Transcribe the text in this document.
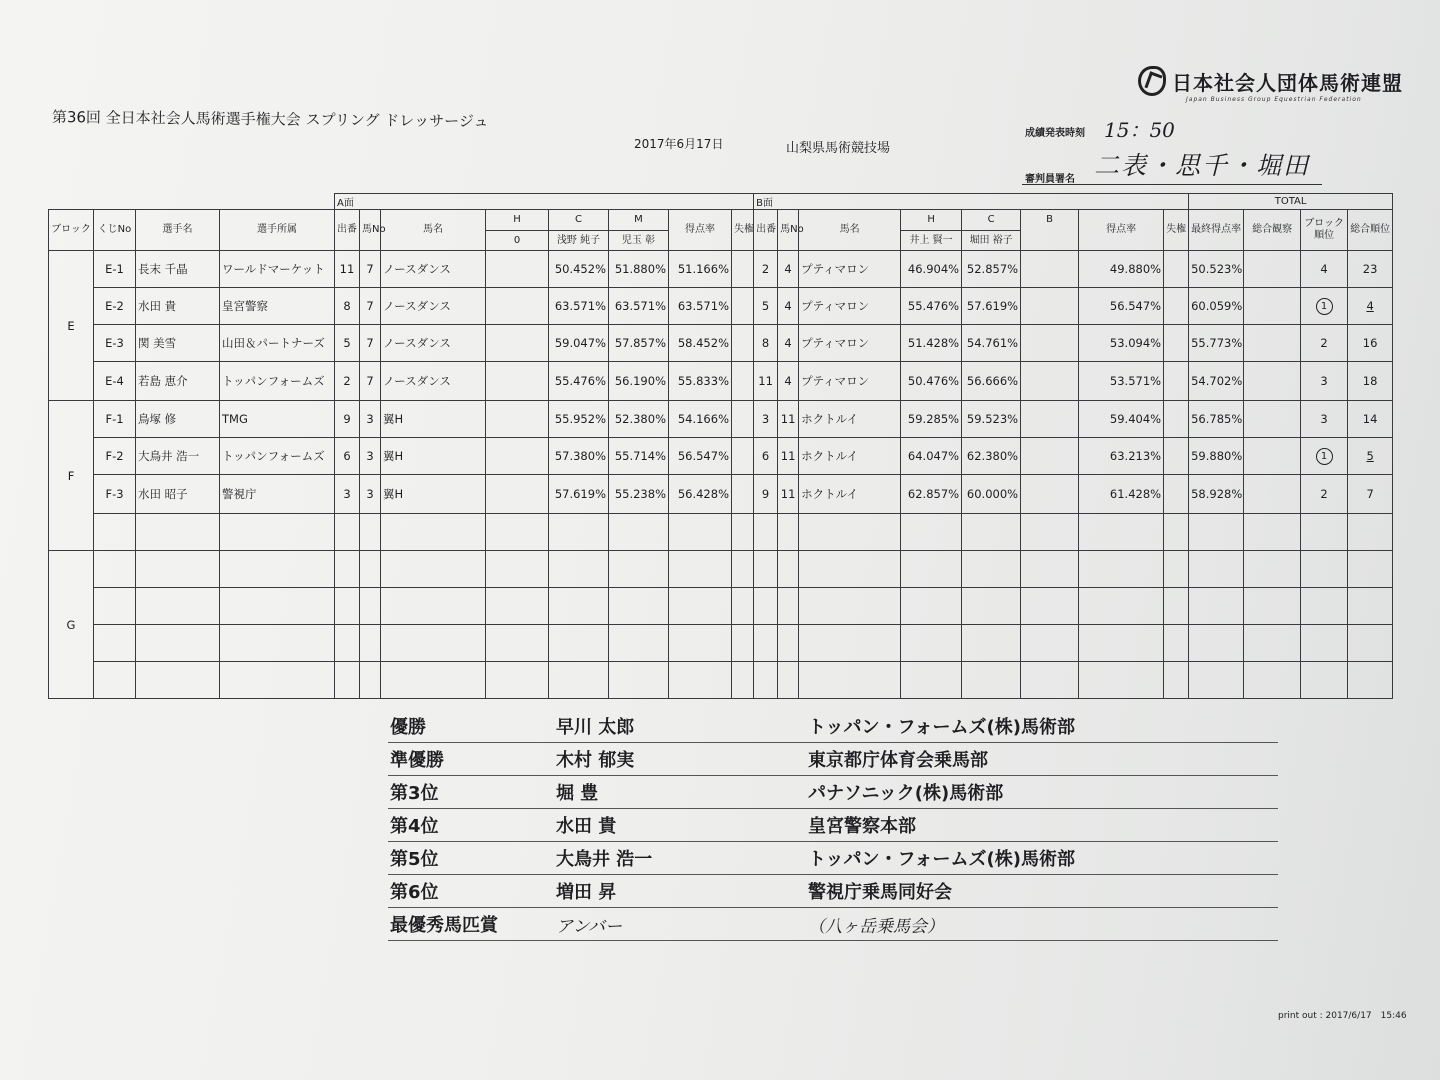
日本社会人団体馬術連盟
Japan Business Group Equestrian Federation
第36回 全日本社会人馬術選手権大会 スプリング ドレッサージュ
2017年6月17日	山梨県馬術競技場
成績発表時刻 15：50
審判員署名 二表・思千・堀田
				A面								B面								TOTAL			
ブロック	くじNo	選手名	選手所属	出番	馬No	馬名	H	C	M	得点率	失権	出番	馬No	馬名	H	C	B	得点率	失権	最終得点率	総合観察	ブロック順位	総合順位
							0	浅野 純子	児玉 彰						井上 賢一	堀田 裕子							
E	E-1	長末 千晶	ワールドマーケット	11	7	ノースダンス		50.452%	51.880%	51.166%		2	4	プティマロン	46.904%	52.857%		49.880%		50.523%		4	23
	E-2	水田 貴	皇宮警察	8	7	ノースダンス		63.571%	63.571%	63.571%		5	4	プティマロン	55.476%	57.619%		56.547%		60.059%		1	4
	E-3	関 美雪	山田＆パートナーズ	5	7	ノースダンス		59.047%	57.857%	58.452%		8	4	プティマロン	51.428%	54.761%		53.094%		55.773%		2	16
	E-4	若島 恵介	トッパンフォームズ	2	7	ノースダンス		55.476%	56.190%	55.833%		11	4	プティマロン	50.476%	56.666%		53.571%		54.702%		3	18
F	F-1	鳥塚 修	TMG	9	3	翼H		55.952%	52.380%	54.166%		3	11	ホクトルイ	59.285%	59.523%		59.404%		56.785%		3	14
	F-2	大鳥井 浩一	トッパンフォームズ	6	3	翼H		57.380%	55.714%	56.547%		6	11	ホクトルイ	64.047%	62.380%		63.213%		59.880%		1	5
	F-3	水田 昭子	警視庁	3	3	翼H		57.619%	55.238%	56.428%		9	11	ホクトルイ	62.857%	60.000%		61.428%		58.928%		2	7

G																							

優勝	早川 太郎	トッパン・フォームズ(株)馬術部
準優勝	木村 郁実	東京都庁体育会乗馬部
第3位	堀 豊	パナソニック(株)馬術部
第4位	水田 貴	皇宮警察本部
第5位	大鳥井 浩一	トッパン・フォームズ(株)馬術部
第6位	増田 昇	警視庁乗馬同好会
最優秀馬匹賞	アンバー	（八ヶ岳乗馬会）
print out : 2017/6/17　15:46
